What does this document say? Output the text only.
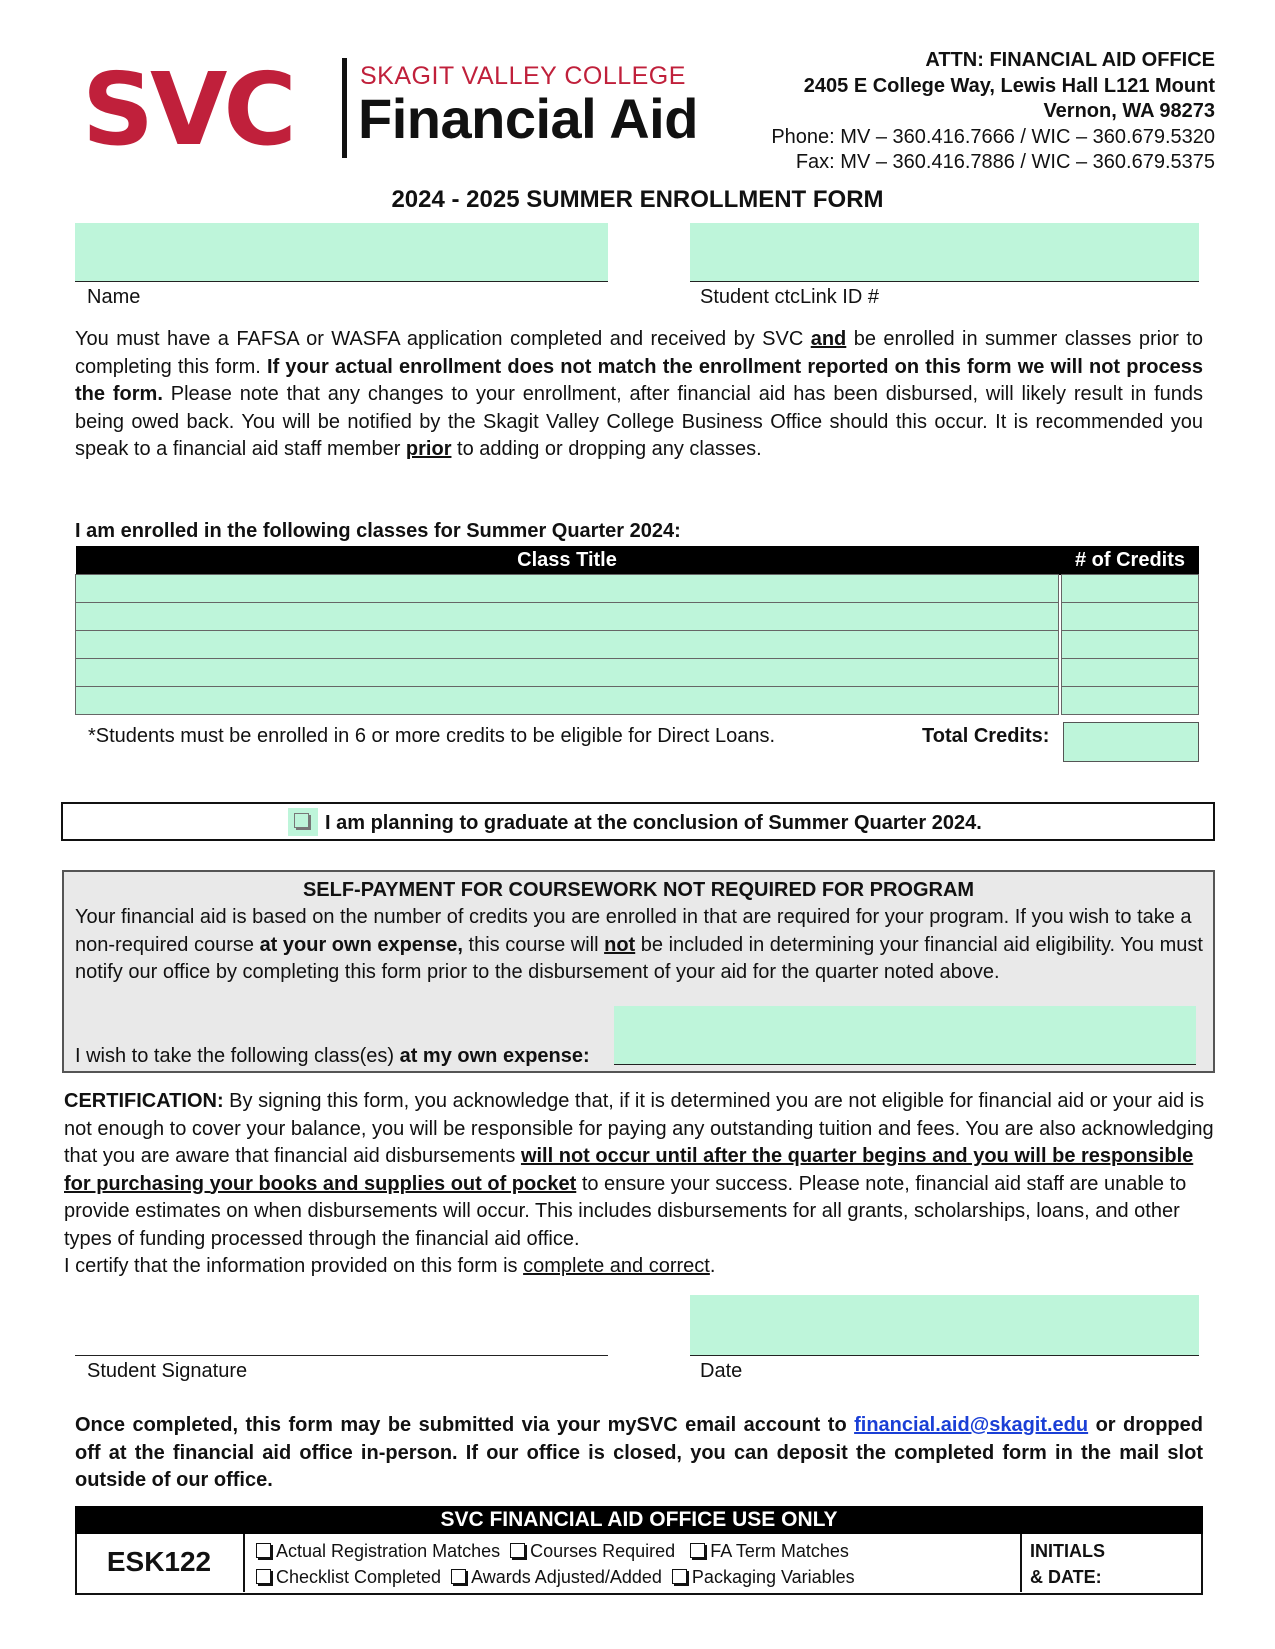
SVC	SKAGIT VALLEY COLLEGE
Financial Aid
ATTN: FINANCIAL AID OFFICE
2405 E College Way, Lewis Hall L121 Mount
Vernon, WA 98273
Phone: MV – 360.416.7666 / WIC – 360.679.5320
Fax: MV – 360.416.7886 / WIC – 360.679.5375
2024 - 2025 SUMMER ENROLLMENT FORM
Name	Student ctcLink ID #
You must have a FAFSA or WASFA application completed and received by SVC and be enrolled in summer classes prior to completing this form. If your actual enrollment does not match the enrollment reported on this form we will not process the form. Please note that any changes to your enrollment, after financial aid has been disbursed, will likely result in funds being owed back. You will be notified by the Skagit Valley College Business Office should this occur. It is recommended you speak to a financial aid staff member prior to adding or dropping any classes.
I am enrolled in the following classes for Summer Quarter 2024:
Class Title		# of Credits

*Students must be enrolled in 6 or more credits to be eligible for Direct Loans.	Total Credits:
I am planning to graduate at the conclusion of Summer Quarter 2024.
SELF-PAYMENT FOR COURSEWORK NOT REQUIRED FOR PROGRAM
Your financial aid is based on the number of credits you are enrolled in that are required for your program. If you wish to take a non-required course at your own expense, this course will not be included in determining your financial aid eligibility. You must notify our office by completing this form prior to the disbursement of your aid for the quarter noted above.
I wish to take the following class(es) at my own expense:
CERTIFICATION: By signing this form, you acknowledge that, if it is determined you are not eligible for financial aid or your aid is not enough to cover your balance, you will be responsible for paying any outstanding tuition and fees. You are also acknowledging that you are aware that financial aid disbursements will not occur until after the quarter begins and you will be responsible for purchasing your books and supplies out of pocket to ensure your success. Please note, financial aid staff are unable to provide estimates on when disbursements will occur. This includes disbursements for all grants, scholarships, loans, and other types of funding processed through the financial aid office.
I certify that the information provided on this form is complete and correct.
Student Signature	Date
Once completed, this form may be submitted via your mySVC email account to financial.aid@skagit.edu or dropped off at the financial aid office in-person. If our office is closed, you can deposit the completed form in the mail slot outside of our office.
SVC FINANCIAL AID OFFICE USE ONLY
ESK122	Actual Registration Matches Courses Required FA Term Matches
Checklist Completed Awards Adjusted/Added Packaging Variables
INITIALS
& DATE:
